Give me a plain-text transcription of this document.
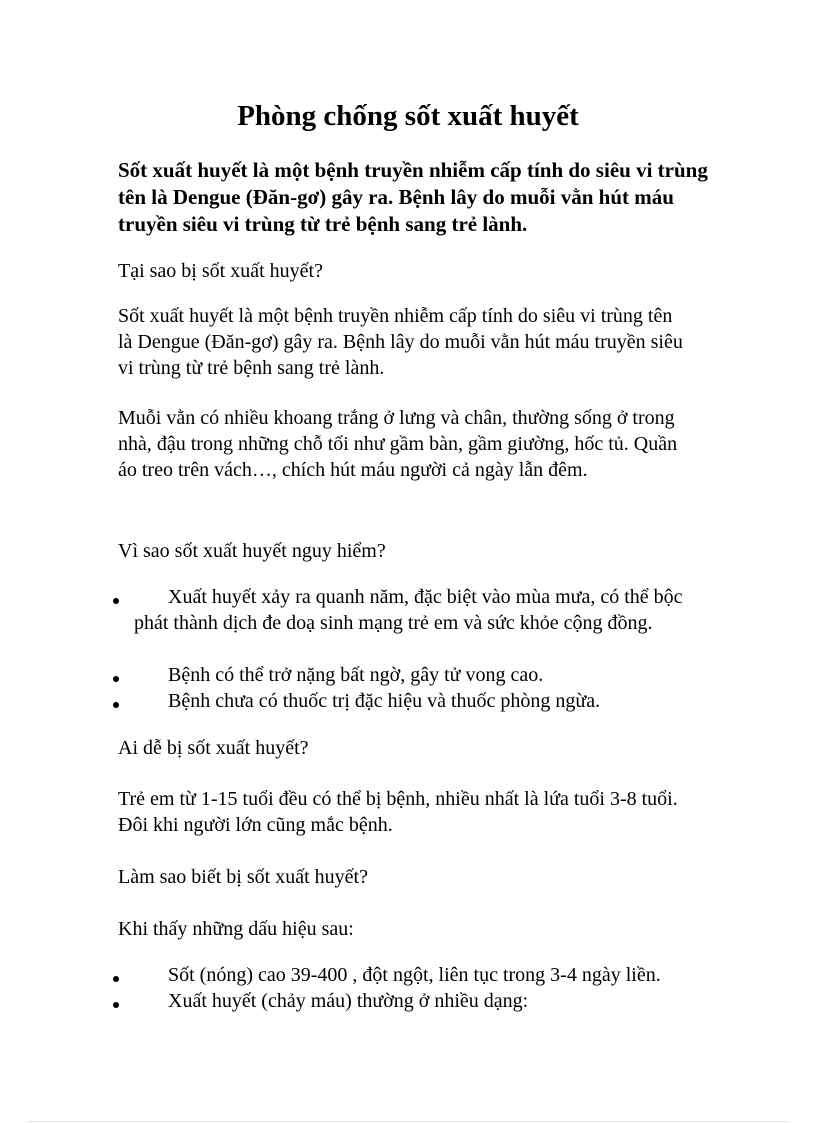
Phòng chống sốt xuất huyết

Sốt xuất huyết là một bệnh truyền nhiễm cấp tính do siêu vi trùng tên là Dengue (Đăn-gơ) gây ra. Bệnh lây do muỗi vằn hút máu truyền siêu vi trùng từ trẻ bệnh sang trẻ lành.

Tại sao bị sốt xuất huyết?

Sốt xuất huyết là một bệnh truyền nhiễm cấp tính do siêu vi trùng tên là Dengue (Đăn-gơ) gây ra. Bệnh lây do muỗi vằn hút máu truyền siêu vi trùng từ trẻ bệnh sang trẻ lành.

Muỗi vằn có nhiều khoang trắng ở lưng và chân, thường sống ở trong nhà, đậu trong những chỗ tối như gầm bàn, gầm giường, hốc tủ. Quần áo treo trên vách…, chích hút máu người cả ngày lẫn đêm.

Vì sao sốt xuất huyết nguy hiểm?

Xuất huyết xảy ra quanh năm, đặc biệt vào mùa mưa, có thể bộc phát thành dịch đe doạ sinh mạng trẻ em và sức khỏe cộng đồng.

Bệnh có thể trở nặng bất ngờ, gây tử vong cao.

Bệnh chưa có thuốc trị đặc hiệu và thuốc phòng ngừa.

Ai dễ bị sốt xuất huyết?

Trẻ em từ 1-15 tuổi đều có thể bị bệnh, nhiều nhất là lứa tuổi 3-8 tuổi. Đôi khi người lớn cũng mắc bệnh.

Làm sao biết bị sốt xuất huyết?

Khi thấy những dấu hiệu sau:

Sốt (nóng) cao 39-400 , đột ngột, liên tục trong 3-4 ngày liền.

Xuất huyết (chảy máu) thường ở nhiều dạng:
